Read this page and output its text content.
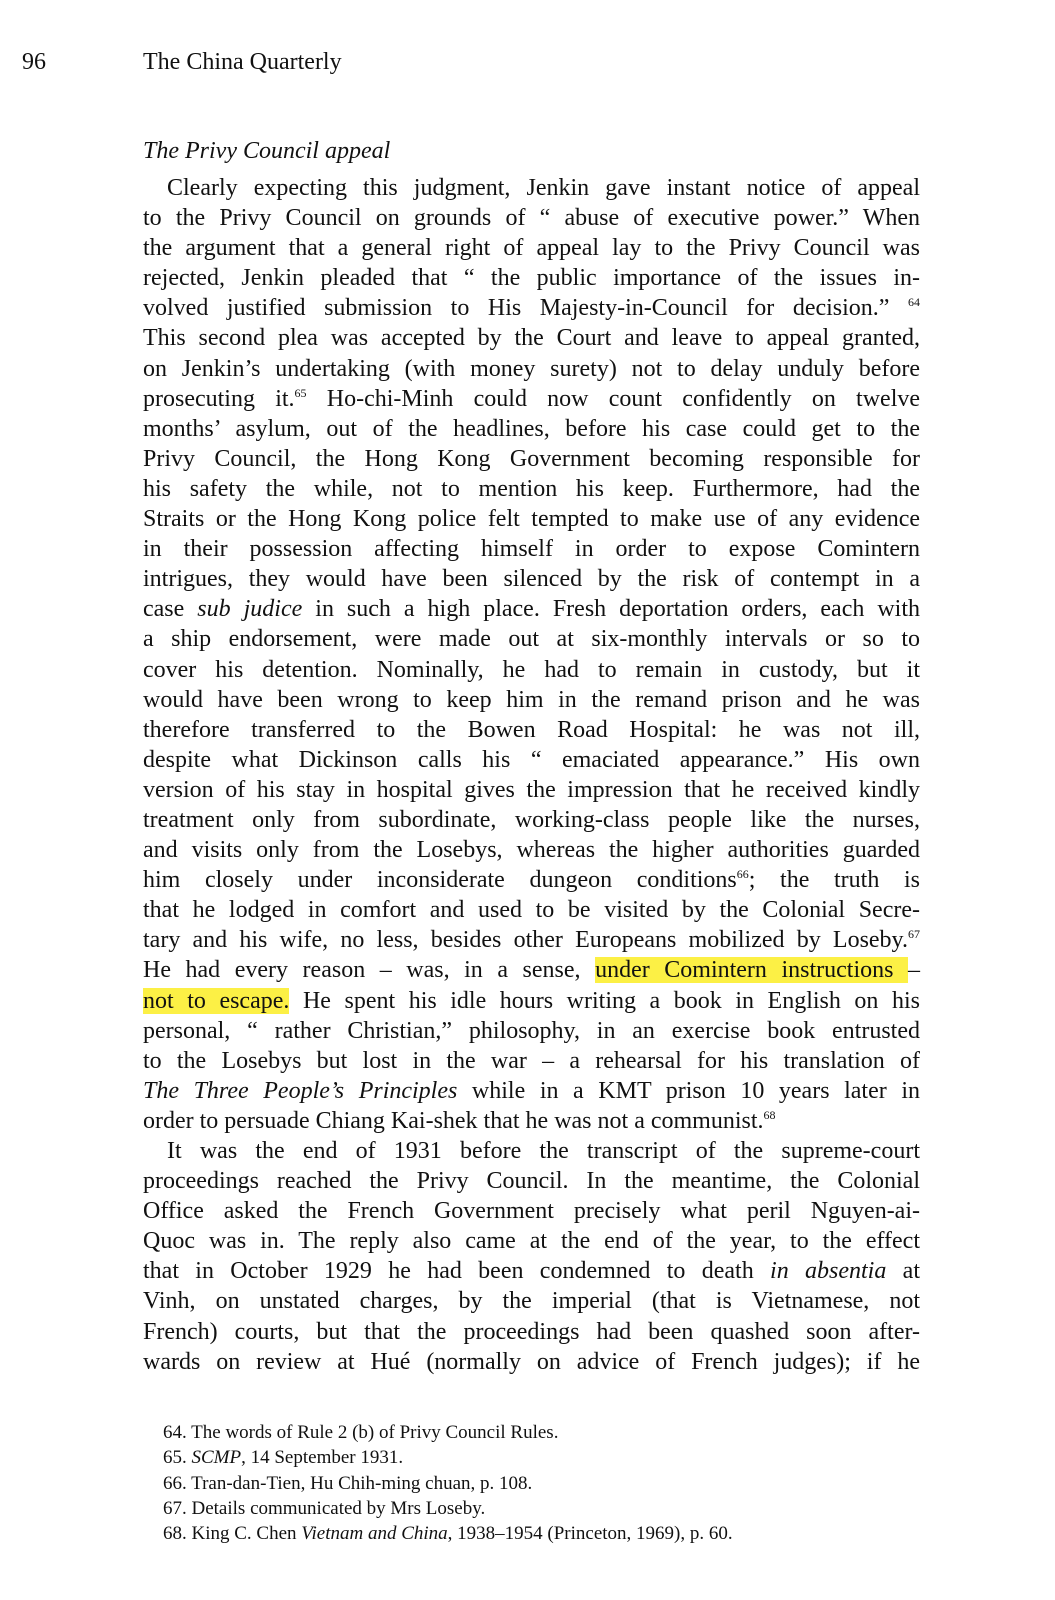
96	The China Quarterly
The Privy Council appeal
Clearly expecting this judgment, Jenkin gave instant notice of appeal
to the Privy Council on grounds of “ abuse of executive power.” When
the argument that a general right of appeal lay to the Privy Council was
rejected, Jenkin pleaded that “ the public importance of the issues in-
volved justified submission to His Majesty-in-Council for decision.” $^{64}$
This second plea was accepted by the Court and leave to appeal granted,
on Jenkin’s undertaking (with money surety) not to delay unduly before
prosecuting it.$^{65}$ Ho-chi-Minh could now count confidently on twelve
months’ asylum, out of the headlines, before his case could get to the
Privy Council, the Hong Kong Government becoming responsible for
his safety the while, not to mention his keep. Furthermore, had the
Straits or the Hong Kong police felt tempted to make use of any evidence
in their possession affecting himself in order to expose Comintern
intrigues, they would have been silenced by the risk of contempt in a
case sub judice in such a high place. Fresh deportation orders, each with
a ship endorsement, were made out at six-monthly intervals or so to
cover his detention. Nominally, he had to remain in custody, but it
would have been wrong to keep him in the remand prison and he was
therefore transferred to the Bowen Road Hospital: he was not ill,
despite what Dickinson calls his “ emaciated appearance.” His own
version of his stay in hospital gives the impression that he received kindly
treatment only from subordinate, working-class people like the nurses,
and visits only from the Losebys, whereas the higher authorities guarded
him closely under inconsiderate dungeon conditions$^{66}$; the truth is
that he lodged in comfort and used to be visited by the Colonial Secre-
tary and his wife, no less, besides other Europeans mobilized by Loseby.$^{67}$
He had every reason – was, in a sense, under Comintern instructions –
not to escape. He spent his idle hours writing a book in English on his
personal, “ rather Christian,” philosophy, in an exercise book entrusted
to the Losebys but lost in the war – a rehearsal for his translation of
The Three People’s Principles while in a KMT prison 10 years later in
order to persuade Chiang Kai-shek that he was not a communist.$^{68}$
It was the end of 1931 before the transcript of the supreme-court
proceedings reached the Privy Council. In the meantime, the Colonial
Office asked the French Government precisely what peril Nguyen-ai-
Quoc was in. The reply also came at the end of the year, to the effect
that in October 1929 he had been condemned to death in absentia at
Vinh, on unstated charges, by the imperial (that is Vietnamese, not
French) courts, but that the proceedings had been quashed soon after-
wards on review at Hué (normally on advice of French judges); if he
64. The words of Rule 2 (b) of Privy Council Rules.
65. SCMP, 14 September 1931.
66. Tran-dan-Tien, Hu Chih-ming chuan, p. 108.
67. Details communicated by Mrs Loseby.
68. King C. Chen Vietnam and China, 1938–1954 (Princeton, 1969), p. 60.
